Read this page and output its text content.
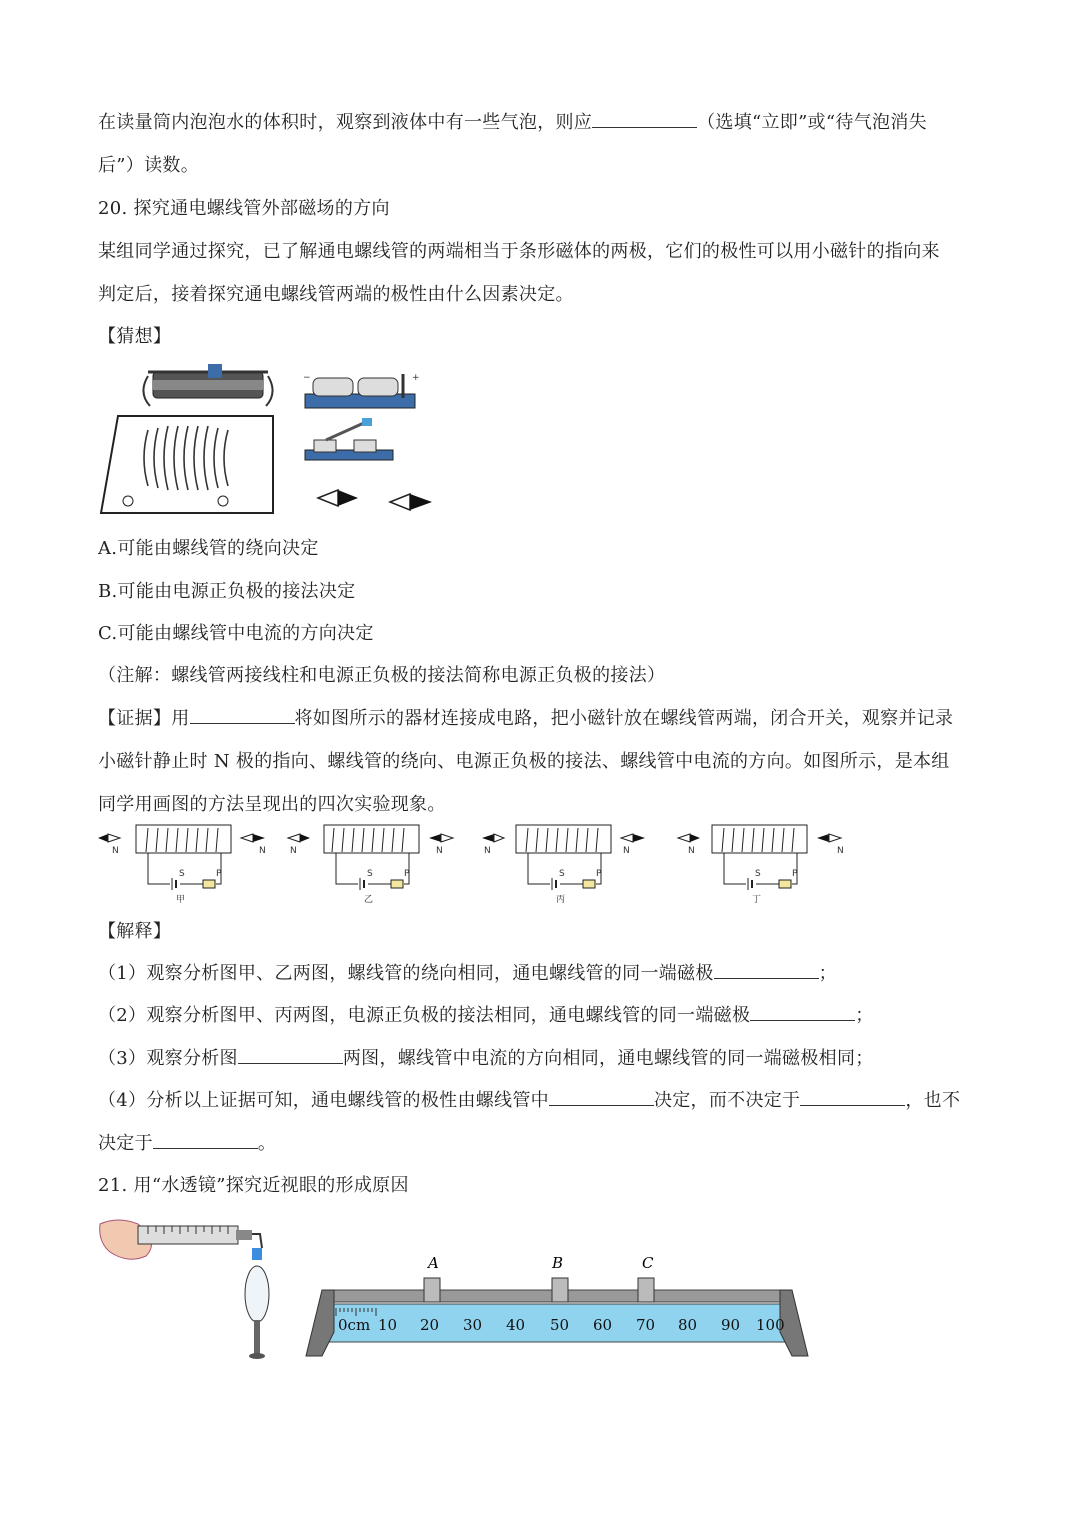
在读量筒内泡泡水的体积时，观察到液体中有一些气泡，则应	（选填“立即”或“待气泡消失
后”）读数。
20. 探究通电螺线管外部磁场的方向
某组同学通过探究，已了解通电螺线管的两端相当于条形磁体的两极，它们的极性可以用小磁针的指向来
判定后，接着探究通电螺线管两端的极性由什么因素决定。
【猜想】
−	+
A.可能由螺线管的绕向决定
B.可能由电源正负极的接法决定
C.可能由螺线管中电流的方向决定
（注解：螺线管两接线柱和电源正负极的接法简称电源正负极的接法）
【证据】用	将如图所示的器材连接成电路，把小磁针放在螺线管两端，闭合开关，观察并记录
小磁针静止时 N 极的指向、螺线管的绕向、电源正负极的接法、螺线管中电流的方向。如图所示，是本组
同学用画图的方法呈现出的四次实验现象。
N	N
S	P
甲
N	N
S	P
乙
N	N
S	P
丙
N	N
S	P
丁
【解释】
（1）观察分析图甲、乙两图，螺线管的绕向相同，通电螺线管的同一端磁极	；
（2）观察分析图甲、丙两图，电源正负极的接法相同，通电螺线管的同一端磁极	；
（3）观察分析图	两图，螺线管中电流的方向相同，通电螺线管的同一端磁极相同；
（4）分析以上证据可知，通电螺线管的极性由螺线管中	决定，而不决定于	，也不
决定于	。
21. 用“水透镜”探究近视眼的形成原因
A	B	C
0cm 10 20 30 40 50 60 70 80 90 100
